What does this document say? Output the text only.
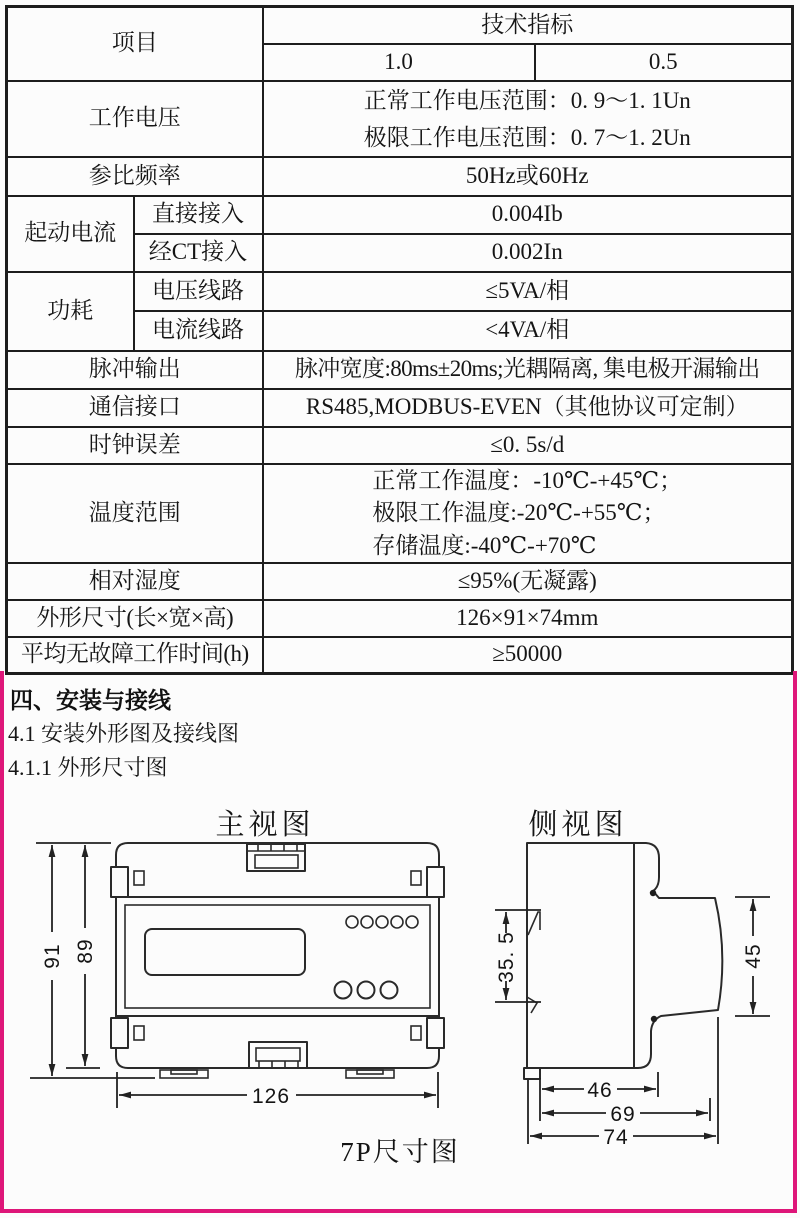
项目		技术指标	
		1.0	0.5
工作电压		正常工作电压范围：0. 9～1. 1Un
极限工作电压范围：0. 7～1. 2Un	
参比频率		50Hz或60Hz	
起动电流	直接接入	0.004Ib	
	经CT接入	0.002In	
功耗	电压线路	≤5VA/相	
	电流线路	<4VA/相	
脉冲输出		脉冲宽度:80ms±20ms;光耦隔离, 集电极开漏输出	
通信接口		RS485,MODBUS-EVEN（其他协议可定制）	
时钟误差		≤0. 5s/d	
温度范围		正常工作温度：-10℃-+45℃；
极限工作温度:-20℃-+55℃；
存储温度:-40℃-+70℃	
相对湿度		≤95%(无凝露)	
外形尺寸(长×宽×高)		126×91×74mm	
平均无故障工作时间(h)		≥50000	
四、安装与接线
4.1 安装外形图及接线图
4.1.1 外形尺寸图
主视图	侧视图
91 89
126
35. 5	45
46
69
74
7P尺寸图
